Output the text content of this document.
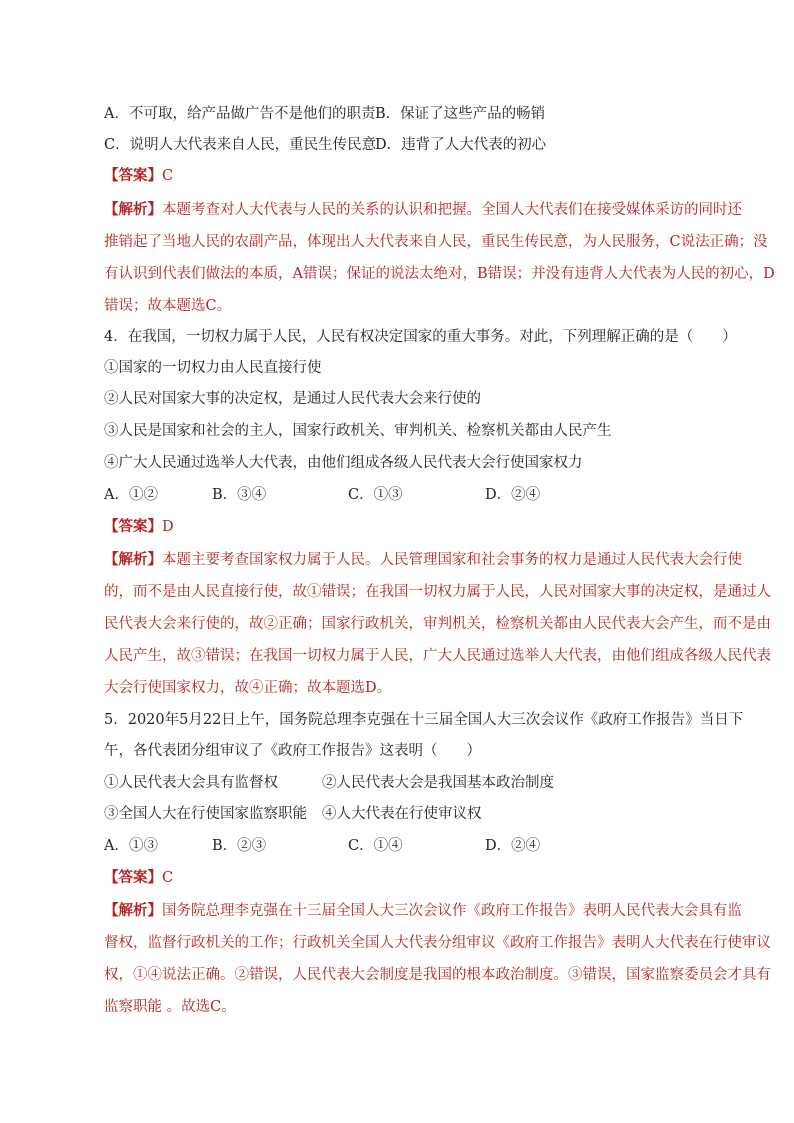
A．不可取，给产品做广告不是他们的职责 B．保证了这些产品的畅销
C．说明人大代表来自人民，重民生传民意
D．违背了人大代表的初心
【答案】C
【解析】本题考查对人大代表与人民的关系的认识和把握。全国人大代表们在接受媒体采访的同时还
推销起了当地人民的农副产品，体现出人大代表来自人民，重民生传民意，为人民服务，C说法正确；没
有认识到代表们做法的本质，A错误；保证的说法太绝对，B错误；并没有违背人大代表为人民的初心，D
错误；故本题选C。
4．在我国，一切权力属于人民，人民有权决定国家的重大事务。对此，下列理解正确的是（　　）
①国家的一切权力由人民直接行使
②人民对国家大事的决定权，是通过人民代表大会来行使的
③人民是国家和社会的主人，国家行政机关、审判机关、检察机关都由人民产生
④广大人民通过选举人大代表，由他们组成各级人民代表大会行使国家权力
A．①②	B．③④	C．①③	D．②④
【答案】D
【解析】本题主要考查国家权力属于人民。人民管理国家和社会事务的权力是通过人民代表大会行使
的，而不是由人民直接行使，故①错误；在我国一切权力属于人民，人民对国家大事的决定权，是通过人
民代表大会来行使的，故②正确；国家行政机关，审判机关，检察机关都由人民代表大会产生，而不是由
人民产生，故③错误；在我国一切权力属于人民，广大人民通过选举人大代表，由他们组成各级人民代表
大会行使国家权力，故④正确；故本题选D。
5．2020年5月22日上午，国务院总理李克强在十三届全国人大三次会议作《政府工作报告》当日下
午，各代表团分组审议了《政府工作报告》这表明（　　）
①人民代表大会具有监督权	②人民代表大会是我国基本政治制度
③全国人大在行使国家监察职能 ④人大代表在行使审议权
A．①③	B．②③	C．①④	D．②④
【答案】C
【解析】国务院总理李克强在十三届全国人大三次会议作《政府工作报告》表明人民代表大会具有监
督权，监督行政机关的工作；行政机关全国人大代表分组审议《政府工作报告》表明人大代表在行使审议
权，①④说法正确。②错误，人民代表大会制度是我国的根本政治制度。③错误，国家监察委员会才具有
监察职能 。故选C。
